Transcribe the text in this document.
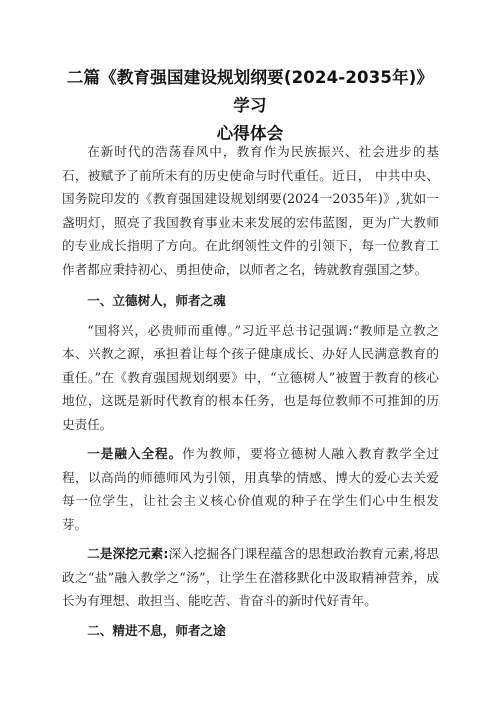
二篇《教育强国建设规划纲要(2024-2035年)》学习
心得体会

在新时代的浩荡春风中，教育作为民族振兴、社会进步的基石，被赋予了前所未有的历史使命与时代重任。近日， 中共中央、国务院印发的《教育强国建设规划纲要(2024一2035年)》,犹如一盏明灯，照亮了我国教育事业未来发展的宏伟蓝图，更为广大教师的专业成长指明了方向。在此纲领性文件的引领下，每一位教育工作者都应秉持初心、勇担使命，以师者之名，铸就教育强国之梦。

一、立德树人，师者之魂

“国将兴，必贵师而重傅。”习近平总书记强调:“教师是立教之本、兴教之源，承担着让每个孩子健康成长、办好人民满意教育的重任。”在《教育强国规划纲要》中，“立德树人”被置于教育的核心地位，这既是新时代教育的根本任务，也是每位教师不可推卸的历史责任。

一是融入全程。作为教师，要将立德树人融入教育教学全过程，以高尚的师德师风为引领，用真挚的情感、博大的爱心去关爱每一位学生，让社会主义核心价值观的种子在学生们心中生根发芽。

二是深挖元素:深入挖掘各门课程蕴含的思想政治教育元素,将思政之“盐”融入教学之“汤”，让学生在潜移默化中汲取精神营养，成长为有理想、敢担当、能吃苦、肯奋斗的新时代好青年。

二、精进不息，师者之途
